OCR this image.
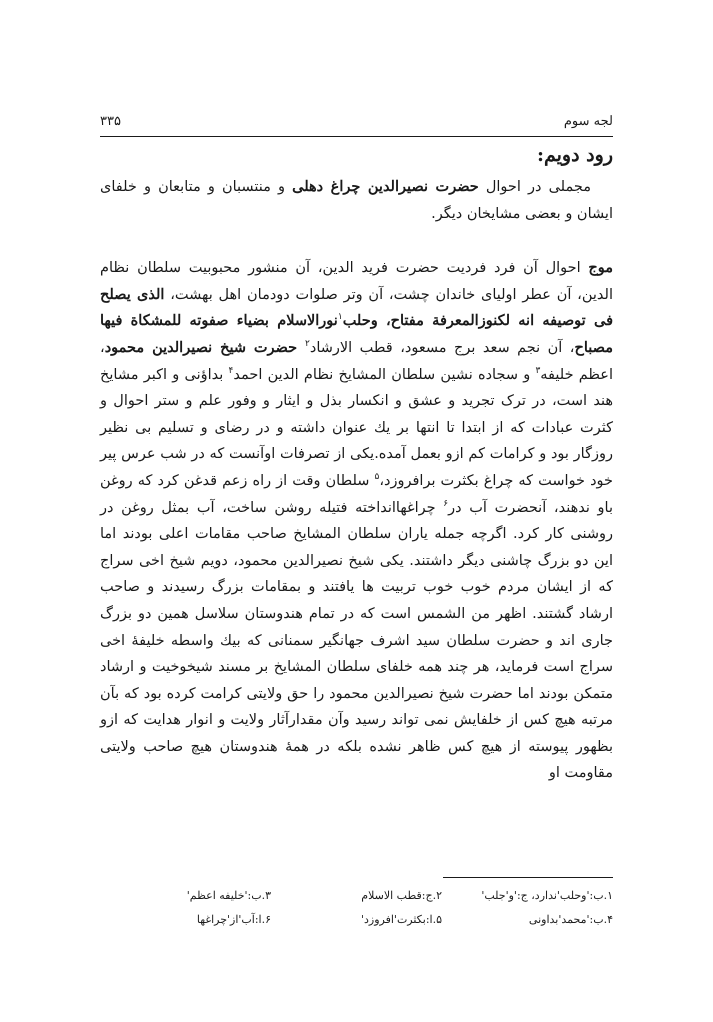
لجه سوم
۳۳۵
رود دویم:

مجملی در احوال حضرت نصیرالدین چراغ دهلی و منتسبان و متابعان و خلفای ایشان و بعضی مشایخان دیگر.

موج احوال آن فرد فردیت حضرت فرید الدین، آن منشور محبوبیت سلطان نظام الدین، آن عطر اولیای خاندان چشت، آن وتر صلوات دودمان اهل بهشت، الذی یصلح فی توصیفه انه لکنوزالمعرفة مفتاح، وحلب$^۱$نورالاسلام بضیاء صفوته للمشکاة فیها مصباح، آن نجم سعد برج مسعود، قطب الارشاد$^۲$ حضرت شیخ نصیرالدین محمود، اعظم خلیفه$^۳$ و سجاده نشین سلطان المشایخ نظام الدین احمد$^۴$ بداؤنی و اکبر مشایخ هند است، در ترک تجرید و عشق و انکسار بذل و ایثار و وفور علم و ستر احوال و کثرت عبادات که از ابتدا تا انتها بر یك عنوان داشته و در رضای و تسلیم بی نظیر روزگار بود و کرامات کم ازو بعمل آمده.یکی از تصرفات اوآنست که در شب عرس پیر خود خواست که چراغ بکثرت برافروزد،$^۵$ سلطان وقت از راه زعم قدغن کرد که روغن باو ندهند، آنحضرت آب در$^۶$ چراغهاانداخته فتیله روشن ساخت، آب بمثل روغن در روشنی کار کرد. اگرچه جمله یاران سلطان المشایخ صاحب مقامات اعلی بودند اما این دو بزرگ چاشنی دیگر داشتند. یکی شیخ نصیرالدین محمود، دویم شیخ اخی سراج که از ایشان مردم خوب خوب تربیت ها یافتند و بمقامات بزرگ رسیدند و صاحب ارشاد گشتند. اظهر من الشمس است که در تمام هندوستان سلاسل همین دو بزرگ جاری اند و حضرت سلطان سید اشرف جهانگیر سمنانی که بیك واسطه خلیفهٔ اخی سراج است فرماید، هر چند همه خلفای سلطان المشایخ بر مسند شیخوخیت و ارشاد متمکن بودند اما حضرت شیخ نصیرالدین محمود را حق ولایتی کرامت کرده بود که بآن مرتبه هیچ کس از خلفایش نمی تواند رسید وآن مقدارآثار ولایت و انوار هدایت که ازو بظهور پیوسته از هیچ کس ظاهر نشده بلکه در همهٔ هندوستان هیچ صاحب ولایتی مقاومت او

۱.ب:'وحلب'ندارد، ج:'و'جلب'
۲.ج:قطب الاسلام
۳.ب:'خلیفه اعظم'
۴.ب:'محمد'بداونی
۵.ا:بکثرت'افروزد'
۶.ا:آب'از'چراغها
